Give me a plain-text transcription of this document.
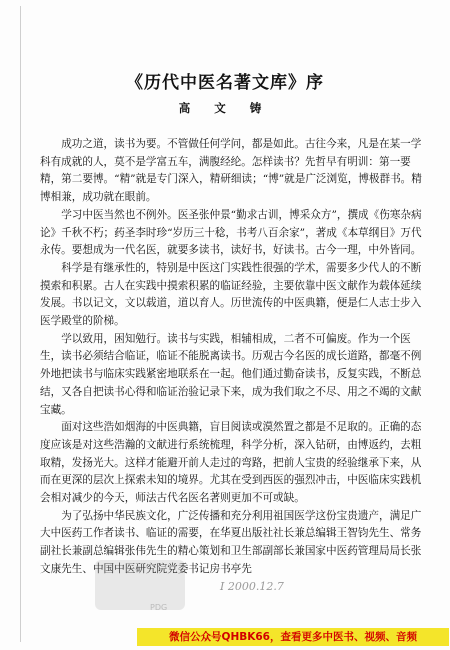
《历代中医名著文库》序
高 文 铸

成功之道，读书为要。不管做任何学问，都是如此。古往今来，凡是在某一学科有成就的人，莫不是学富五车，满腹经纶。怎样读书？先哲早有明训：第一要精，第二要博。“精”就是专门深入，精研细读；“博”就是广泛浏览，博极群书。精博相兼，成功就在眼前。

学习中医当然也不例外。医圣张仲景“勤求古训，博采众方”，撰成《伤寒杂病论》千秋不朽；药圣李时珍“岁历三十稔，书考八百余家”，著成《本草纲目》万代永传。要想成为一代名医，就要多读书，读好书，好读书。古今一理，中外皆同。

科学是有继承性的，特别是中医这门实践性很强的学术，需要多少代人的不断摸索和积累。古人在实践中摸索积累的临证经验，主要依靠中医文献作为载体延续发展。书以记文，文以载道，道以育人。历世流传的中医典籍，便是仁人志士步入医学殿堂的阶梯。

学以致用，困知勉行。读书与实践，相辅相成，二者不可偏废。作为一个医生，读书必须结合临证，临证不能脱离读书。历观古今名医的成长道路，都毫不例外地把读书与临床实践紧密地联系在一起。他们通过勤奋读书，反复实践，不断总结，又各自把读书心得和临证治验记录下来，成为我们取之不尽、用之不竭的文献宝藏。

面对这些浩如烟海的中医典籍，盲目阅读或漠然置之都是不足取的。正确的态度应该是对这些浩瀚的文献进行系统梳理，科学分析，深入钻研，由博返约，去粗取精，发扬光大。这样才能避开前人走过的弯路，把前人宝贵的经验继承下来，从而在更深的层次上探索未知的境界。尤其在受到西医的强烈冲击，中医临床实践机会相对减少的今天，师法古代名医名著则更加不可或缺。

为了弘扬中华民族文化，广泛传播和充分利用祖国医学这份宝贵遗产，满足广大中医药工作者读书、临证的需要，在华夏出版社社长兼总编辑王智钧先生、常务副社长兼副总编辑张伟先生的精心策划和卫生部副部长兼国家中医药管理局局长张文康先生、中国中医研究院党委书记房书亭先

PDG
Ⅰ 2000.12.7
微信公众号QHBK66，查看更多中医书、视频、音频
